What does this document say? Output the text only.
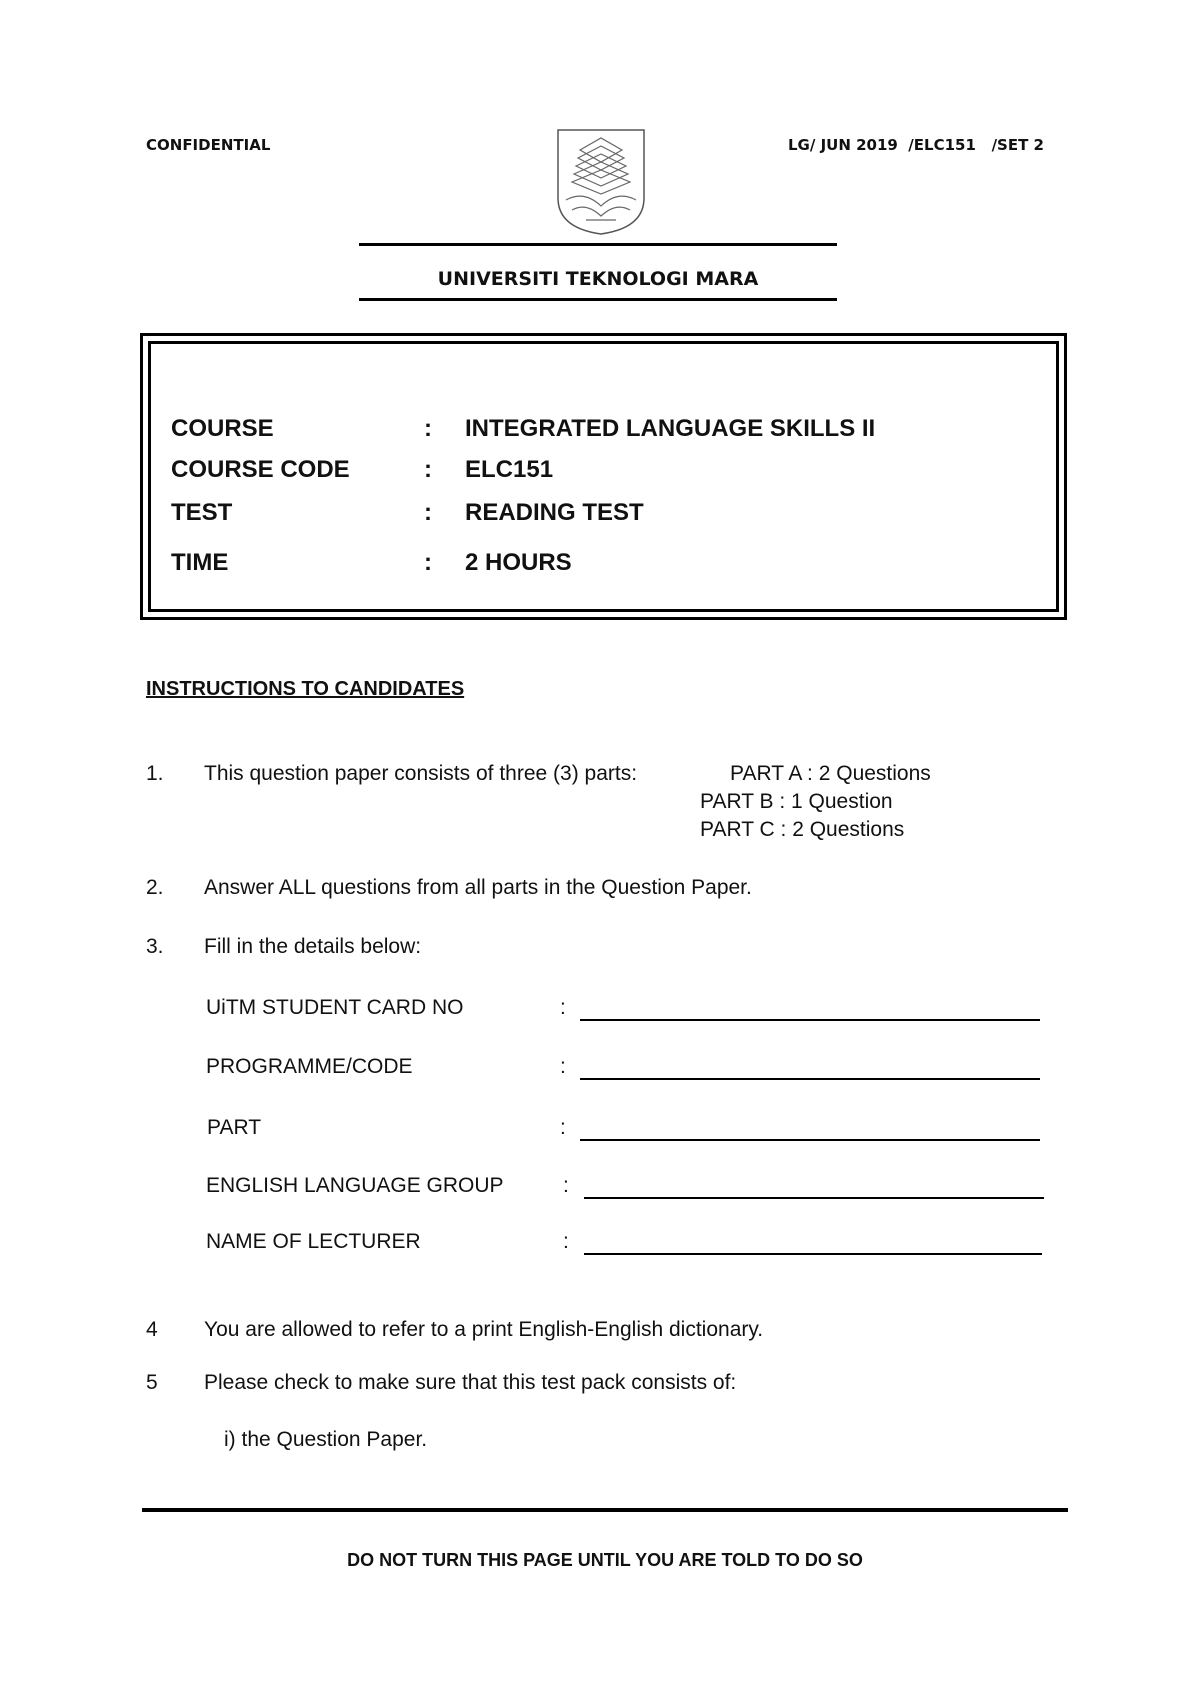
CONFIDENTIAL	LG/ JUN 2019  /ELC151   /SET 2
UNIVERSITI TEKNOLOGI MARA
COURSE	: INTEGRATED LANGUAGE SKILLS II
COURSE CODE	: ELC151
TEST	: READING TEST
TIME	: 2 HOURS
INSTRUCTIONS TO CANDIDATES
1. This question paper consists of three (3) parts:	PART A : 2 Questions
PART B : 1 Question
PART C : 2 Questions
2. Answer ALL questions from all parts in the Question Paper.
3. Fill in the details below:
UiTM STUDENT CARD NO	:
PROGRAMME/CODE	:
PART	:
ENGLISH LANGUAGE GROUP	:
NAME OF LECTURER	:
4 You are allowed to refer to a print English-English dictionary.
5 Please check to make sure that this test pack consists of:
i) the Question Paper.
DO NOT TURN THIS PAGE UNTIL YOU ARE TOLD TO DO SO
